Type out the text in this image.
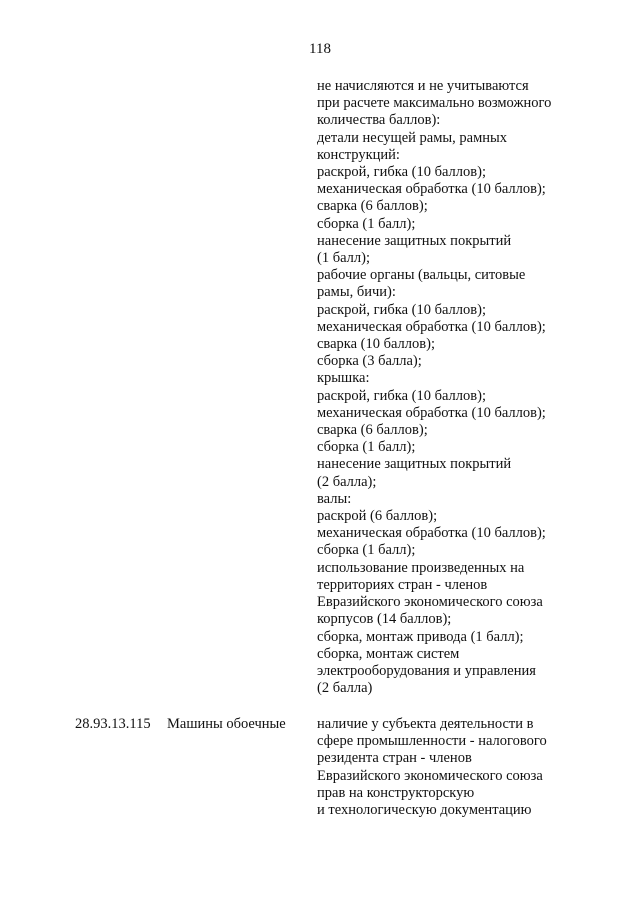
118
не начисляются и не учитываются
при расчете максимально возможного
количества баллов):
детали несущей рамы, рамных
конструкций:
раскрой, гибка (10 баллов);
механическая обработка (10 баллов);
сварка (6 баллов);
сборка (1 балл);
нанесение защитных покрытий
(1 балл);
рабочие органы (вальцы, ситовые
рамы, бичи):
раскрой, гибка (10 баллов);
механическая обработка (10 баллов);
сварка (10 баллов);
сборка (3 балла);
крышка:
раскрой, гибка (10 баллов);
механическая обработка (10 баллов);
сварка (6 баллов);
сборка (1 балл);
нанесение защитных покрытий
(2 балла);
валы:
раскрой (6 баллов);
механическая обработка (10 баллов);
сборка (1 балл);
использование произведенных на
территориях стран - членов
Евразийского экономического союза
корпусов (14 баллов);
сборка, монтаж привода (1 балл);
сборка, монтаж систем
электрооборудования и управления
(2 балла)
28.93.13.115 Машины обоечные наличие у субъекта деятельности в
сфере промышленности - налогового
резидента стран - членов
Евразийского экономического союза
прав на конструкторскую
и технологическую документацию
